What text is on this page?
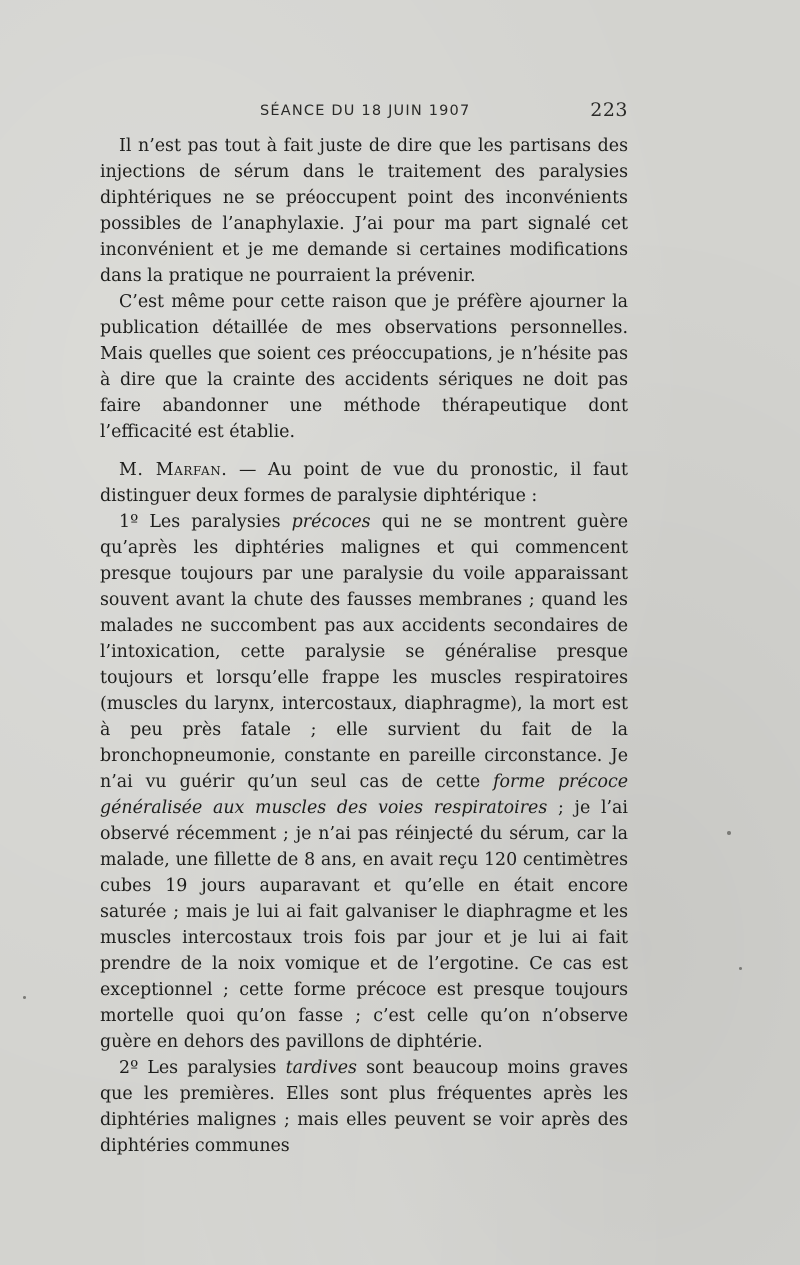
SÉANCE DU 18 JUIN 1907	223

Il n’est pas tout à fait juste de dire que les partisans des injections de sérum dans le traitement des paralysies diphtériques ne se préoccupent point des inconvénients possibles de l’anaphylaxie. J’ai pour ma part signalé cet inconvénient et je me demande si certaines modifications dans la pratique ne pourraient la prévenir.

C’est même pour cette raison que je préfère ajourner la publication détaillée de mes observations personnelles. Mais quelles que soient ces préoccupations, je n’hésite pas à dire que la crainte des accidents sériques ne doit pas faire abandonner une méthode thérapeutique dont l’efficacité est établie.

M. Marfan. — Au point de vue du pronostic, il faut distinguer deux formes de paralysie diphtérique :

1º Les paralysies précoces qui ne se montrent guère qu’après les diphtéries malignes et qui commencent presque toujours par une paralysie du voile apparaissant souvent avant la chute des fausses membranes ; quand les malades ne succombent pas aux accidents secondaires de l’intoxication, cette paralysie se généralise presque toujours et lorsqu’elle frappe les muscles respiratoires (muscles du larynx, intercostaux, diaphragme), la mort est à peu près fatale ; elle survient du fait de la bronchopneumonie, constante en pareille circonstance. Je n’ai vu guérir qu’un seul cas de cette forme précoce généralisée aux muscles des voies respiratoires ; je l’ai observé récemment ; je n’ai pas réinjecté du sérum, car la malade, une fillette de 8 ans, en avait reçu 120 centimètres cubes 19 jours auparavant et qu’elle en était encore saturée ; mais je lui ai fait galvaniser le diaphragme et les muscles intercostaux trois fois par jour et je lui ai fait prendre de la noix vomique et de l’ergotine. Ce cas est exceptionnel ; cette forme précoce est presque toujours mortelle quoi qu’on fasse ; c’est celle qu’on n’observe guère en dehors des pavillons de diphtérie.

2º Les paralysies tardives sont beaucoup moins graves que les premières. Elles sont plus fréquentes après les diphtéries malignes ; mais elles peuvent se voir après des diphtéries communes
